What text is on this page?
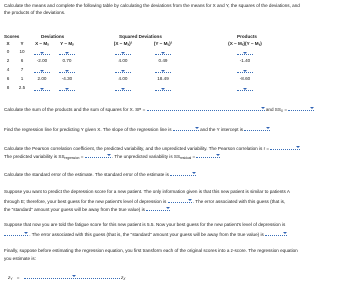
Calculate the means and complete the following table by calculating the deviations from the means for X and Y, the squares of the deviations, and
the products of the deviations.
Scores	Deviations	Squared Deviations	Products
X	Y	X − Mₓ	Y − Mᵧ	(X − Mₓ)²	(Y − Mᵧ)²	(X − Mₓ)(Y − Mᵧ)
0	10
2	6	-2.00	0.70	4.00	0.49	-1.40
4	7
6	1	2.00	-4.30	4.00	18.49	-8.60
8	2.5
Calculate the sum of the products and the sum of squares for X. SP =	and $SS_X$ =
Find the regression line for predicting Y given X. The slope of the regression line is	and the Y intercept is
Calculate the Pearson correlation coefficient, the predicted variability, and the unpredicted variability. The Pearson correlation is r =
The predicted variability is $SS_{regression}$ =	. The unpredicted variability is $SS_{residual}$ =
Calculate the standard error of the estimate. The standard error of the estimate is
Suppose you want to predict the depression score for a new patient. The only information given is that this new patient is similar to patients A
through E; therefore, your best guess for the new patient's level of depression is	. The error associated with this guess (that is,
the "standard" amount your guess will be away from the true value) is
Suppose that now you are told the fatigue score for this new patient is 5.5. Now your best guess for the new patient's level of depression is
. The error associated with this guess (that is, the "standard" amount your guess will be away from the true value) is
Finally, suppose before estimating the regression equation, you first transform each of the original scores into a z-score. The regression equation
you estimate is:
$z_Y$ =	$z_X$
